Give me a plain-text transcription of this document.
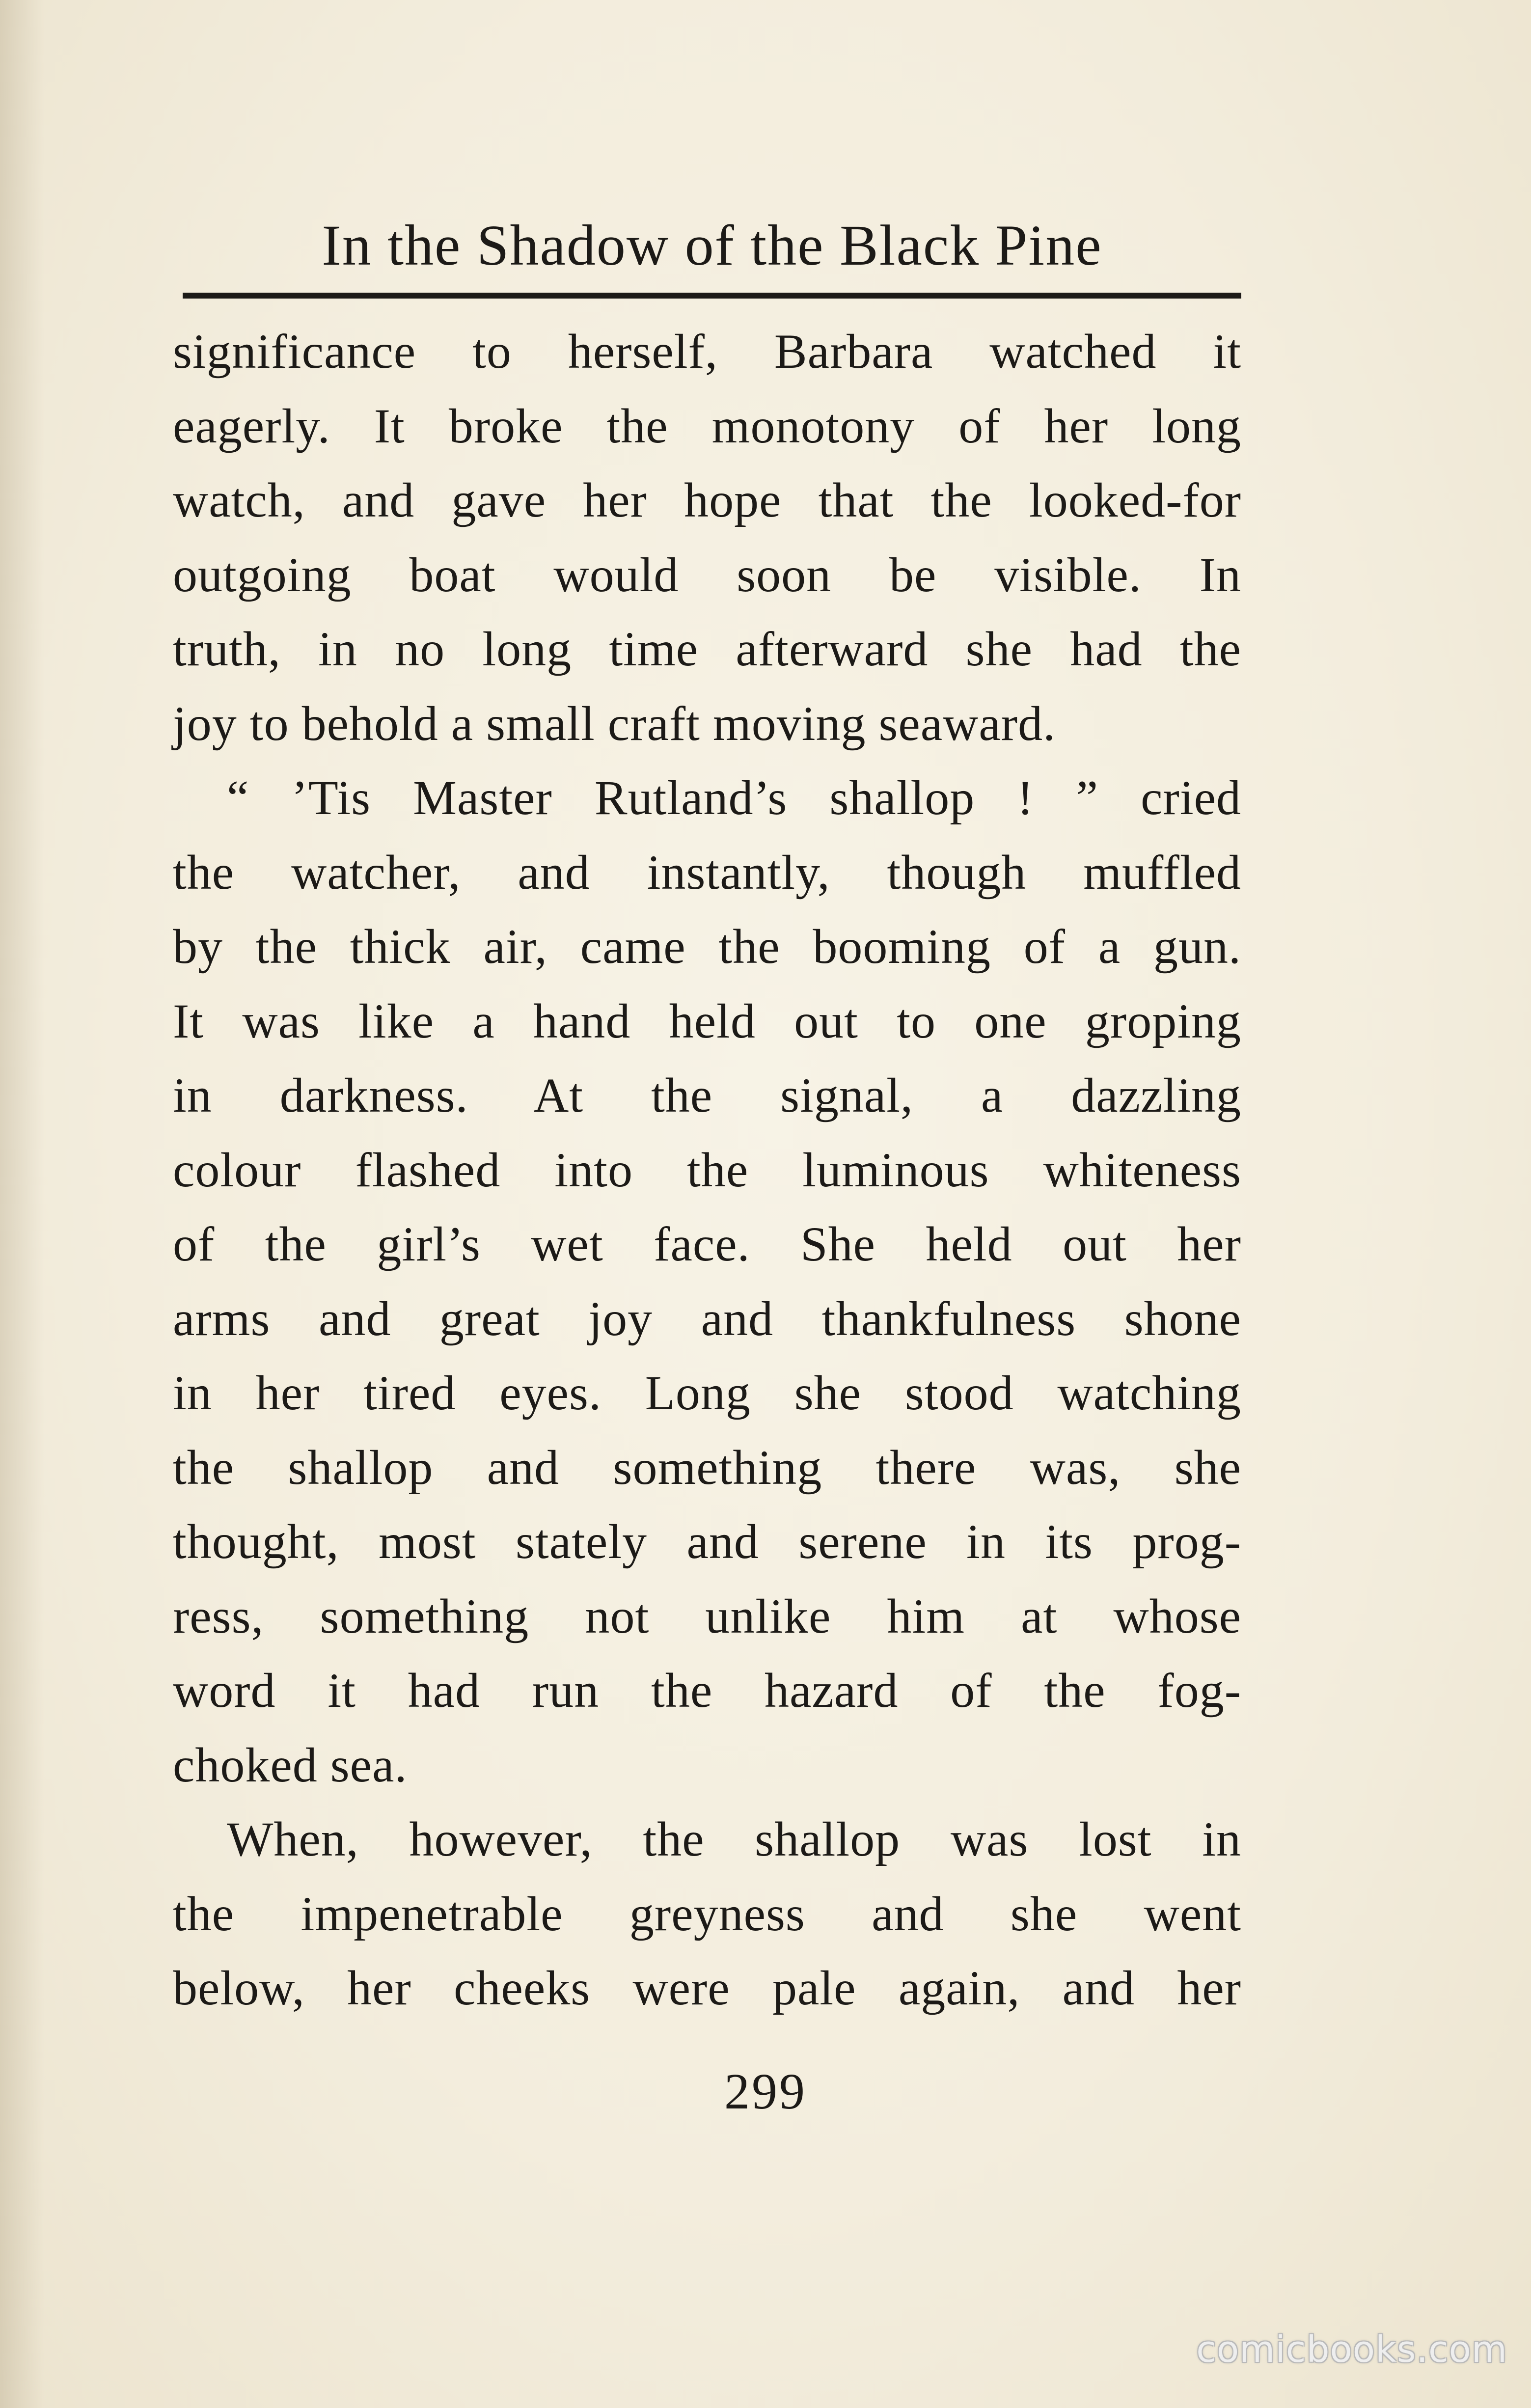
In the Shadow of the Black Pine
significance to herself, Barbara watched it
eagerly. It broke the monotony of her long
watch, and gave her hope that the looked-for
outgoing boat would soon be visible. In
truth, in no long time afterward she had the
joy to behold a small craft moving seaward.
“ ’Tis Master Rutland’s shallop ! ” cried
the watcher, and instantly, though muffled
by the thick air, came the booming of a gun.
It was like a hand held out to one groping
in darkness. At the signal, a dazzling
colour flashed into the luminous whiteness
of the girl’s wet face. She held out her
arms and great joy and thankfulness shone
in her tired eyes. Long she stood watching
the shallop and something there was, she
thought, most stately and serene in its prog-
ress, something not unlike him at whose
word it had run the hazard of the fog-
choked sea.
When, however, the shallop was lost in
the impenetrable greyness and she went
below, her cheeks were pale again, and her
299
comicbooks.com
